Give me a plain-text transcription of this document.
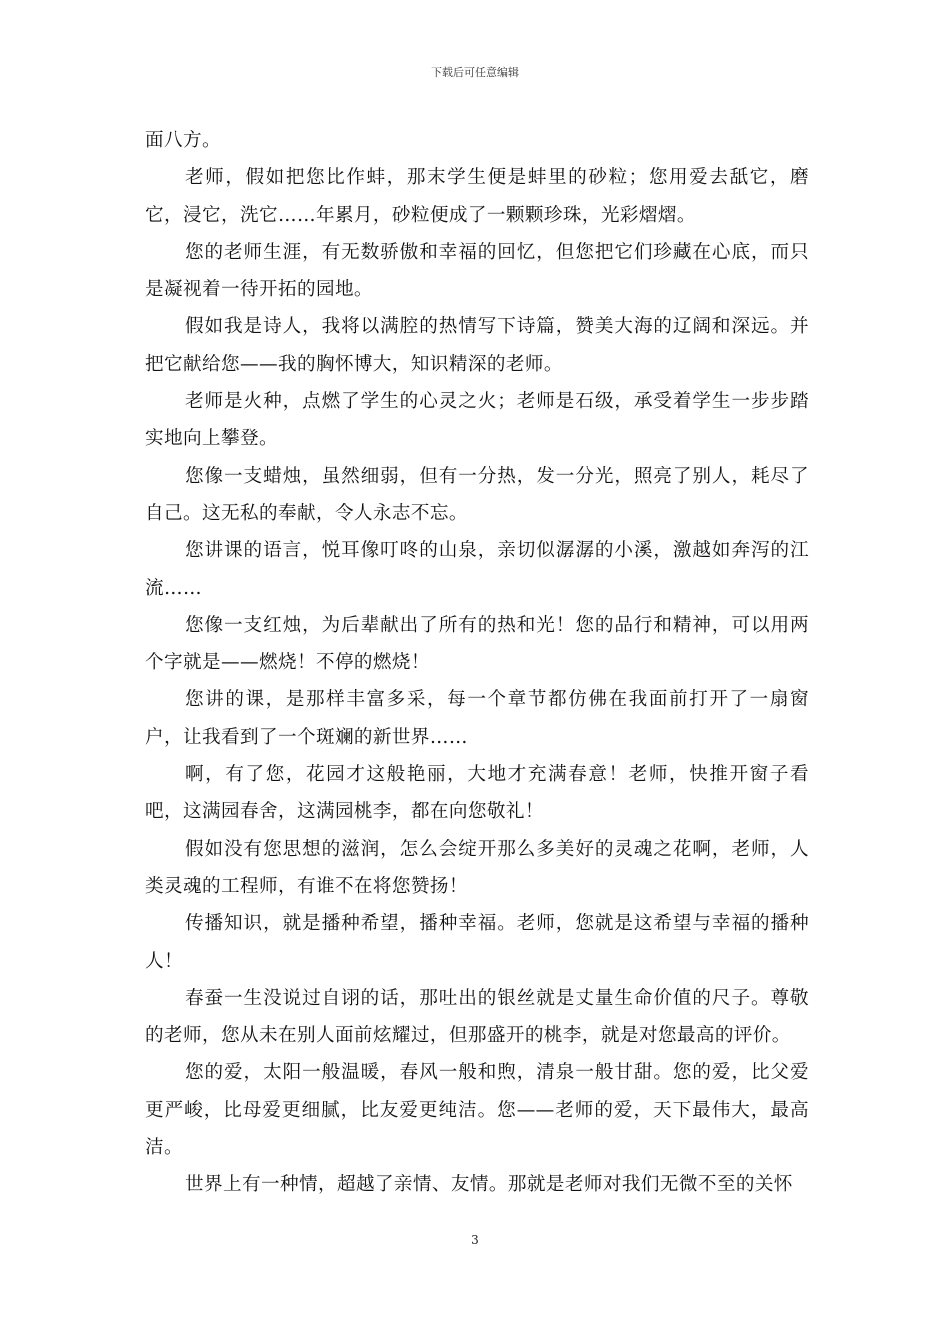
下载后可任意编辑

面八方。

老师，假如把您比作蚌，那末学生便是蚌里的砂粒；您用爱去舐它，磨它，浸它，洗它……年累月，砂粒便成了一颗颗珍珠，光彩熠熠。

您的老师生涯，有无数骄傲和幸福的回忆，但您把它们珍藏在心底，而只是凝视着一待开拓的园地。

假如我是诗人，我将以满腔的热情写下诗篇，赞美大海的辽阔和深远。并把它献给您——我的胸怀博大，知识精深的老师。

老师是火种，点燃了学生的心灵之火；老师是石级，承受着学生一步步踏实地向上攀登。

您像一支蜡烛，虽然细弱，但有一分热，发一分光，照亮了别人，耗尽了自己。这无私的奉献，令人永志不忘。

您讲课的语言，悦耳像叮咚的山泉，亲切似潺潺的小溪，激越如奔泻的江流……

您像一支红烛，为后辈献出了所有的热和光！您的品行和精神，可以用两个字就是——燃烧！不停的燃烧！

您讲的课，是那样丰富多采，每一个章节都仿佛在我面前打开了一扇窗户，让我看到了一个斑斓的新世界……

啊，有了您，花园才这般艳丽，大地才充满春意！老师，快推开窗子看吧，这满园春舍，这满园桃李，都在向您敬礼！

假如没有您思想的滋润，怎么会绽开那么多美好的灵魂之花啊，老师，人类灵魂的工程师，有谁不在将您赞扬！

传播知识，就是播种希望，播种幸福。老师，您就是这希望与幸福的播种人！

春蚕一生没说过自诩的话，那吐出的银丝就是丈量生命价值的尺子。尊敬的老师，您从未在别人面前炫耀过，但那盛开的桃李，就是对您最高的评价。

您的爱，太阳一般温暖，春风一般和煦，清泉一般甘甜。您的爱，比父爱更严峻，比母爱更细腻，比友爱更纯洁。您——老师的爱，天下最伟大，最高洁。

世界上有一种情，超越了亲情、友情。那就是老师对我们无微不至的关怀

3
